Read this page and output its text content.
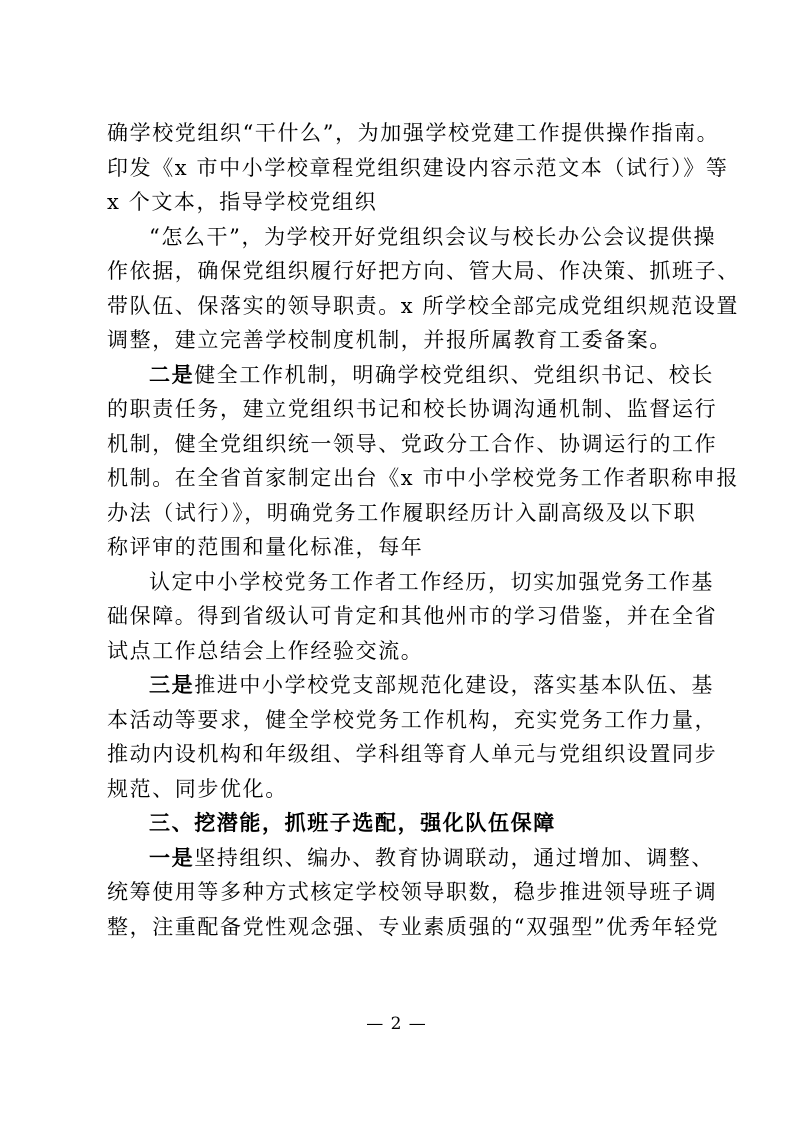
确学校党组织“干什么”，为加强学校党建工作提供操作指南。
印发《x 市中小学校章程党组织建设内容示范文本（试行）》等
x 个文本，指导学校党组织

“怎么干”，为学校开好党组织会议与校长办公会议提供操
作依据，确保党组织履行好把方向、管大局、作决策、抓班子、
带队伍、保落实的领导职责。x 所学校全部完成党组织规范设置
调整，建立完善学校制度机制，并报所属教育工委备案。

二是健全工作机制，明确学校党组织、党组织书记、校长
的职责任务，建立党组织书记和校长协调沟通机制、监督运行
机制，健全党组织统一领导、党政分工合作、协调运行的工作
机制。在全省首家制定出台《x 市中小学校党务工作者职称申报
办法（试行）》，明确党务工作履职经历计入副高级及以下职
称评审的范围和量化标准，每年

认定中小学校党务工作者工作经历，切实加强党务工作基
础保障。得到省级认可肯定和其他州市的学习借鉴，并在全省
试点工作总结会上作经验交流。

三是推进中小学校党支部规范化建设，落实基本队伍、基
本活动等要求，健全学校党务工作机构，充实党务工作力量，
推动内设机构和年级组、学科组等育人单元与党组织设置同步
规范、同步优化。

三、挖潜能，抓班子选配，强化队伍保障

一是坚持组织、编办、教育协调联动，通过增加、调整、
统筹使用等多种方式核定学校领导职数，稳步推进领导班子调
整，注重配备党性观念强、专业素质强的“双强型”优秀年轻党

— 2 —
